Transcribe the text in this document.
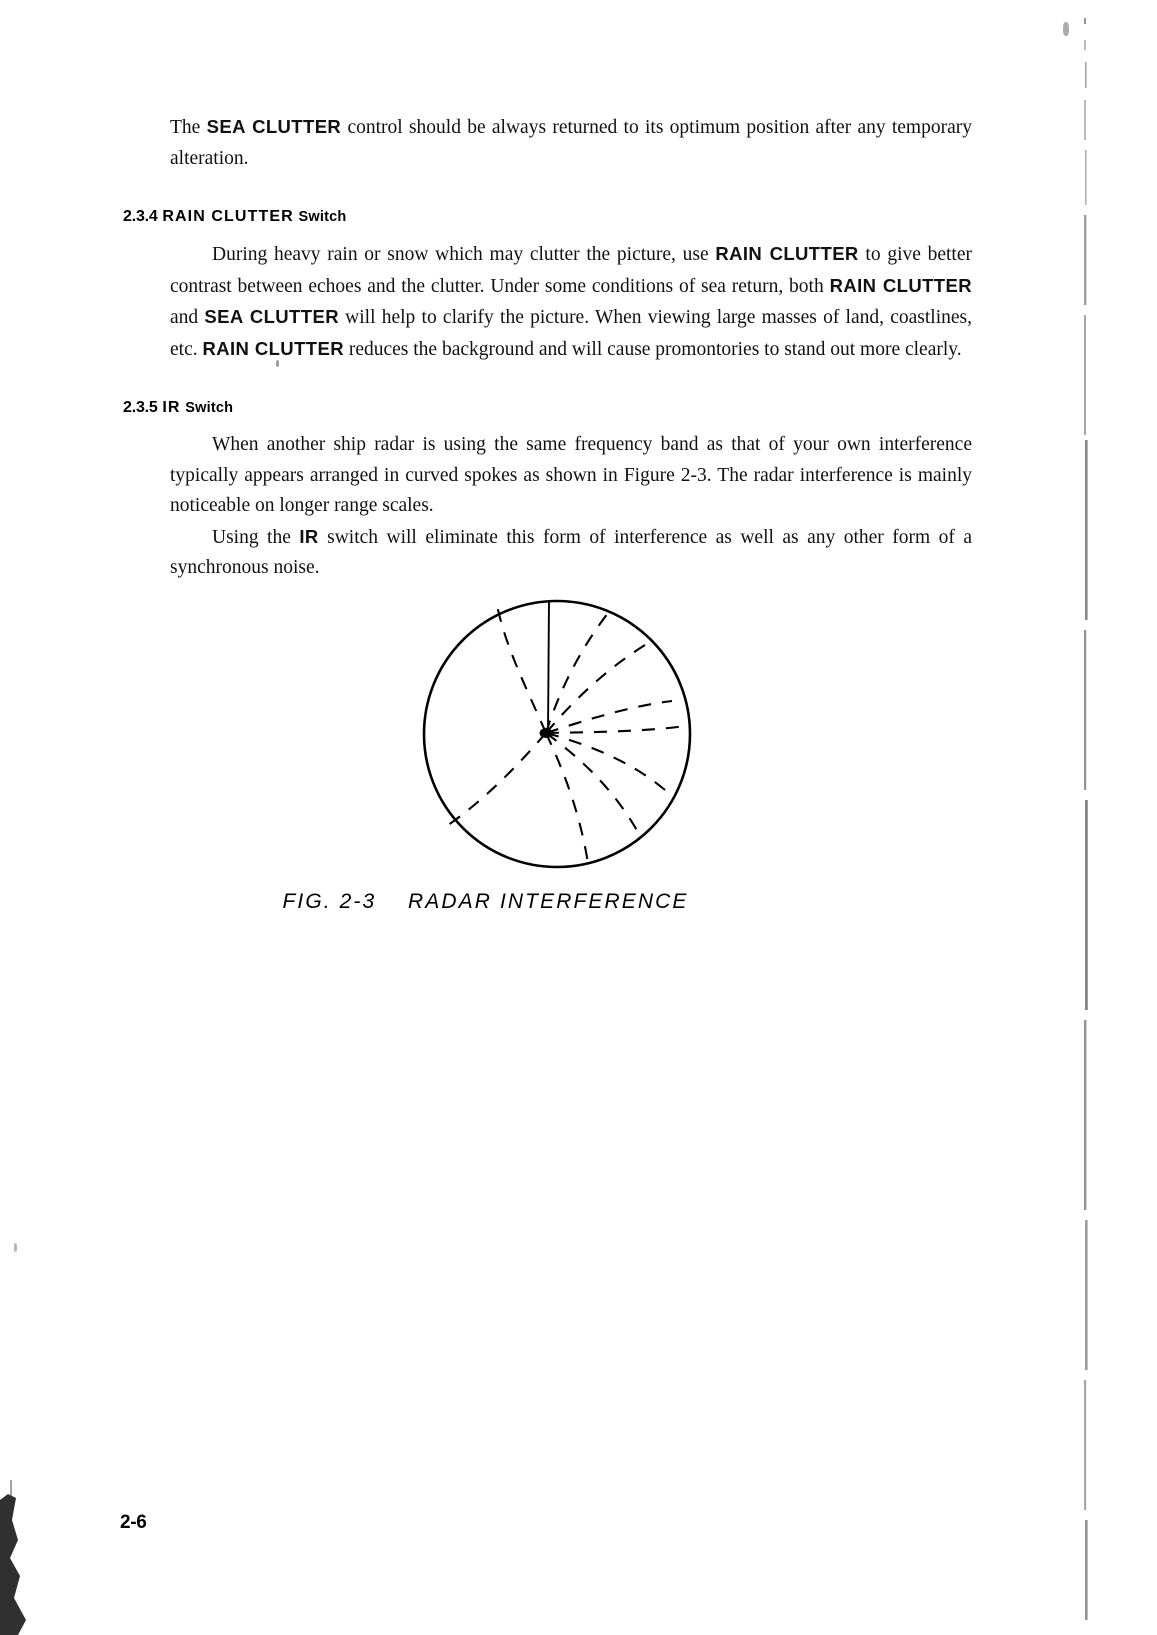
The SEA CLUTTER control should be always returned to its optimum position after any temporary alteration.

2.3.4 RAIN CLUTTER Switch

During heavy rain or snow which may clutter the picture, use RAIN CLUTTER to give better contrast between echoes and the clutter. Under some conditions of sea return, both RAIN CLUTTER and SEA CLUTTER will help to clarify the picture. When viewing large masses of land, coastlines, etc. RAIN CLUTTER reduces the background and will cause promontories to stand out more clearly.

2.3.5 IR Switch

When another ship radar is using the same frequency band as that of your own interference typically appears arranged in curved spokes as shown in Figure 2-3. The radar interference is mainly noticeable on longer range scales.

Using the IR switch will eliminate this form of interference as well as any other form of a synchronous noise.

FIG. 2-3    RADAR INTERFERENCE
2-6
